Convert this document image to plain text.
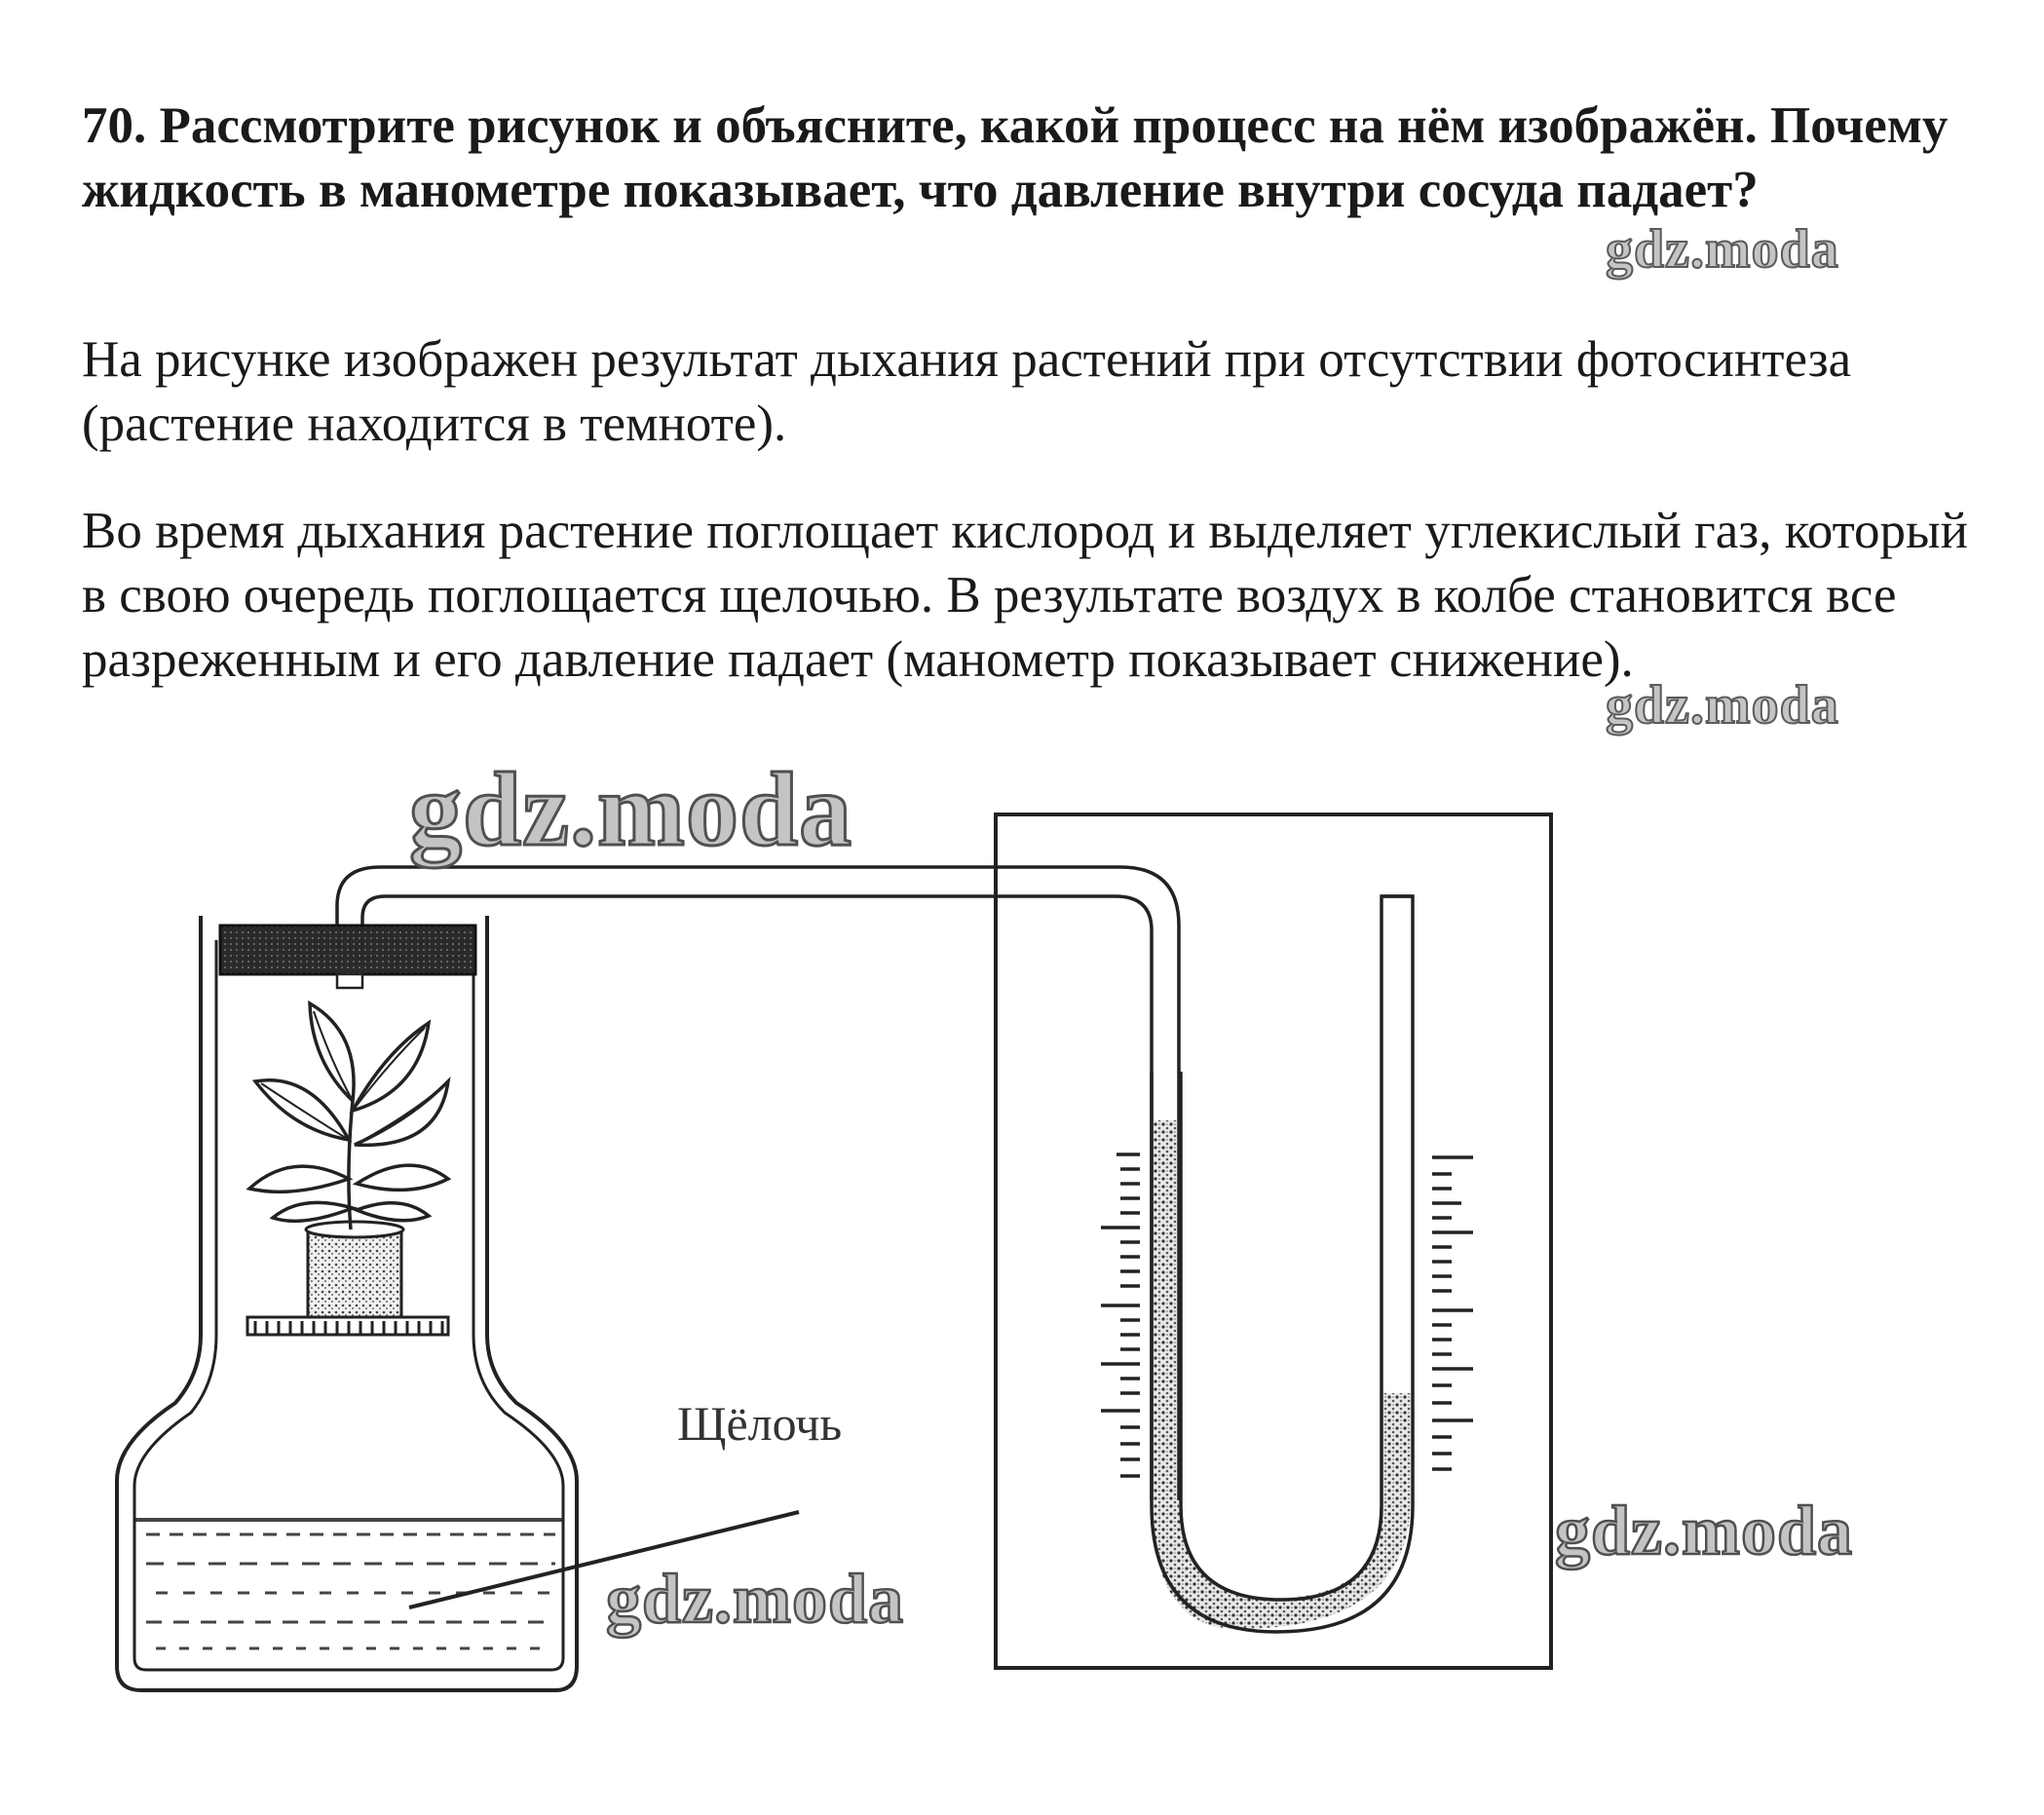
70. Рассмотрите рисунок и объясните, какой процесс на нём изображён. Почему жидкость в манометре показывает, что давление внутри сосуда падает?

На рисунке изображен результат дыхания растений при отсутствии фотосинтеза (растение находится в темноте).

Во время дыхания растение поглощает кислород и выделяет углекислый газ, который в свою очередь поглощается щелочью. В результате воздух в колбе становится все разреженным и его давление падает (манометр показывает снижение).

Щёлочь
gdz.moda
gdz.moda
gdz.moda
gdz.moda
gdz.moda
